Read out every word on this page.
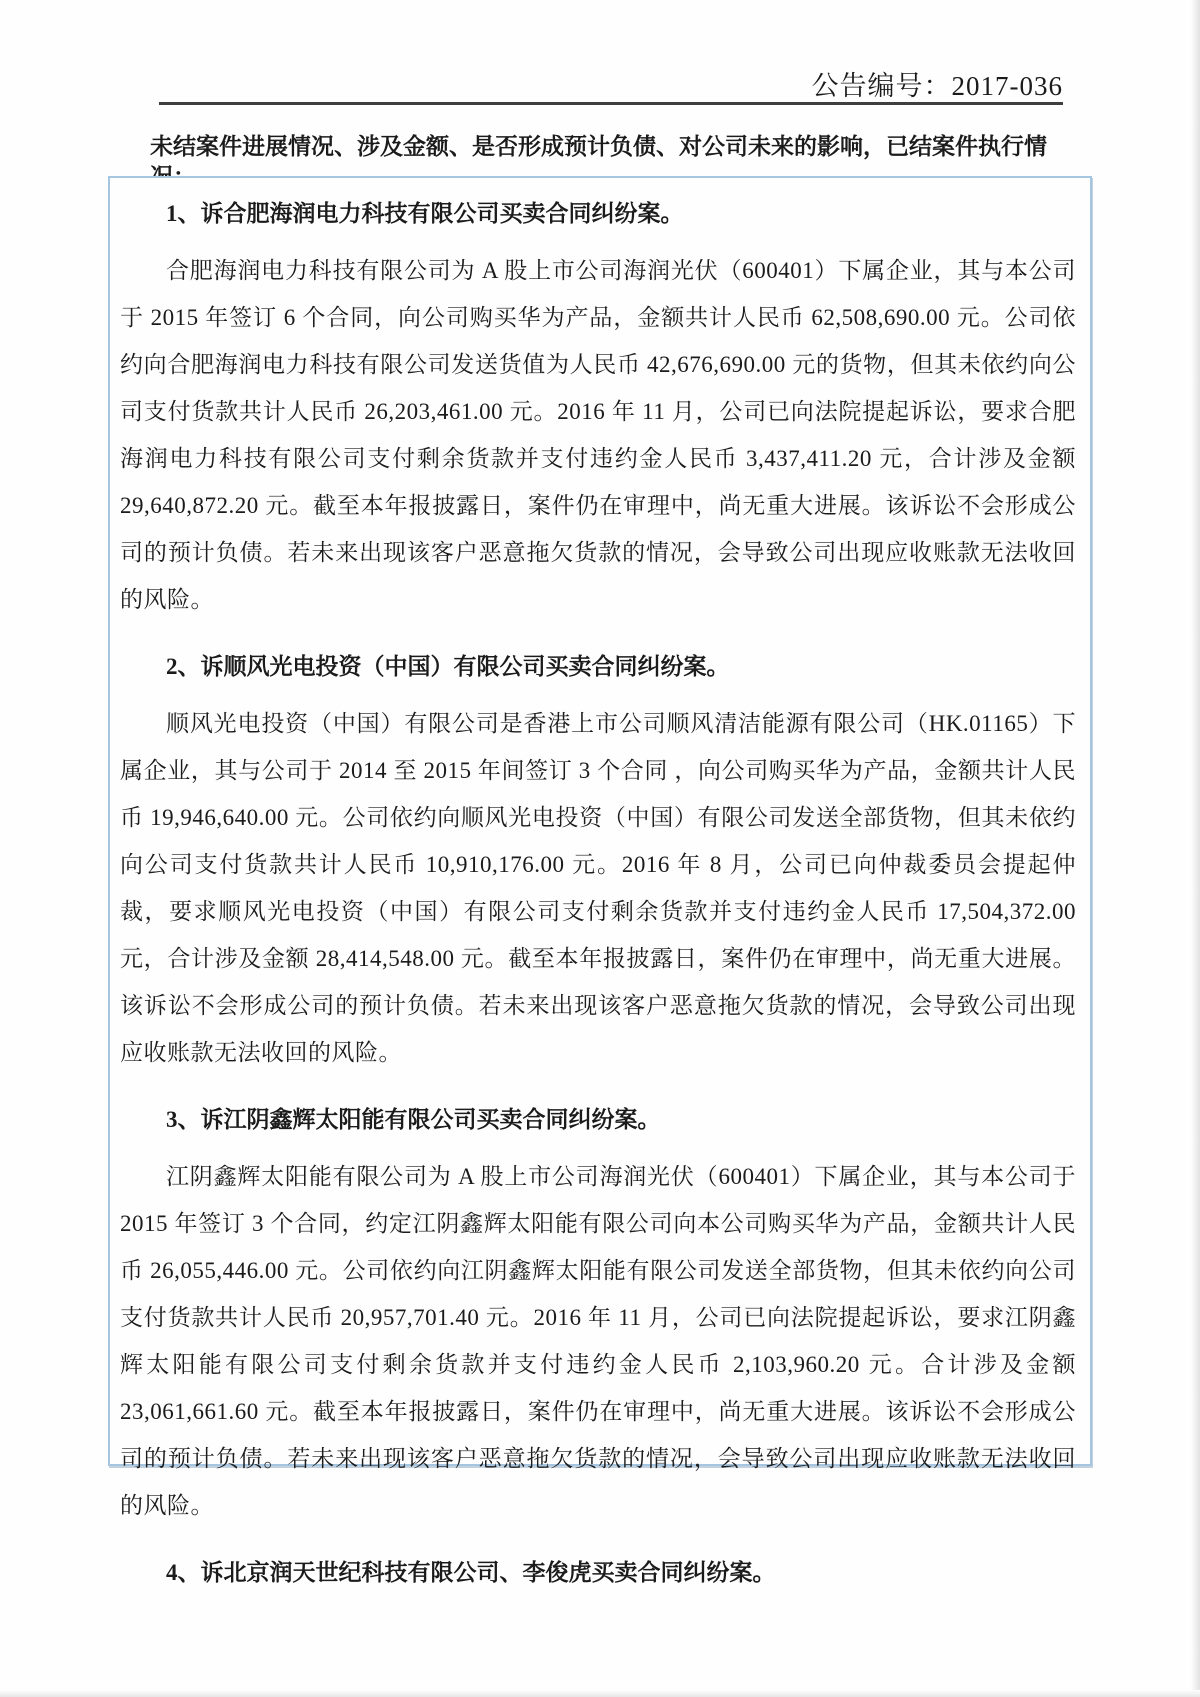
公告编号：2017-036
未结案件进展情况、涉及金额、是否形成预计负债、对公司未来的影响，已结案件执行情
1、诉合肥海润电力科技有限公司买卖合同纠纷案。

合肥海润电力科技有限公司为 A 股上市公司海润光伏（600401）下属企业，其与本公司于 2015 年签订 6 个合同，向公司购买华为产品，金额共计人民币 62,508,690.00 元。公司依约向合肥海润电力科技有限公司发送货值为人民币 42,676,690.00 元的货物，但其未依约向公司支付货款共计人民币 26,203,461.00 元。2016 年 11 月，公司已向法院提起诉讼，要求合肥海润电力科技有限公司支付剩余货款并支付违约金人民币 3,437,411.20 元，合计涉及金额 29,640,872.20 元。截至本年报披露日，案件仍在审理中，尚无重大进展。该诉讼不会形成公司的预计负债。若未来出现该客户恶意拖欠货款的情况，会导致公司出现应收账款无法收回的风险。

2、诉顺风光电投资（中国）有限公司买卖合同纠纷案。

顺风光电投资（中国）有限公司是香港上市公司顺风清洁能源有限公司（HK.01165）下属企业，其与公司于 2014 至 2015 年间签订 3 个合同 ，向公司购买华为产品，金额共计人民币 19,946,640.00 元。公司依约向顺风光电投资（中国）有限公司发送全部货物，但其未依约向公司支付货款共计人民币 10,910,176.00 元。2016 年 8 月，公司已向仲裁委员会提起仲裁，要求顺风光电投资（中国）有限公司支付剩余货款并支付违约金人民币 17,504,372.00 元，合计涉及金额 28,414,548.00 元。截至本年报披露日，案件仍在审理中，尚无重大进展。该诉讼不会形成公司的预计负债。若未来出现该客户恶意拖欠货款的情况，会导致公司出现应收账款无法收回的风险。

3、诉江阴鑫辉太阳能有限公司买卖合同纠纷案。

江阴鑫辉太阳能有限公司为 A 股上市公司海润光伏（600401）下属企业，其与本公司于 2015 年签订 3 个合同，约定江阴鑫辉太阳能有限公司向本公司购买华为产品，金额共计人民币 26,055,446.00 元。公司依约向江阴鑫辉太阳能有限公司发送全部货物，但其未依约向公司支付货款共计人民币 20,957,701.40 元。2016 年 11 月，公司已向法院提起诉讼，要求江阴鑫辉太阳能有限公司支付剩余货款并支付违约金人民币 2,103,960.20 元。合计涉及金额 23,061,661.60 元。截至本年报披露日，案件仍在审理中，尚无重大进展。该诉讼不会形成公司的预计负债。若未来出现该客户恶意拖欠货款的情况，会导致公司出现应收账款无法收回的风险。

4、诉北京润天世纪科技有限公司、李俊虎买卖合同纠纷案。
